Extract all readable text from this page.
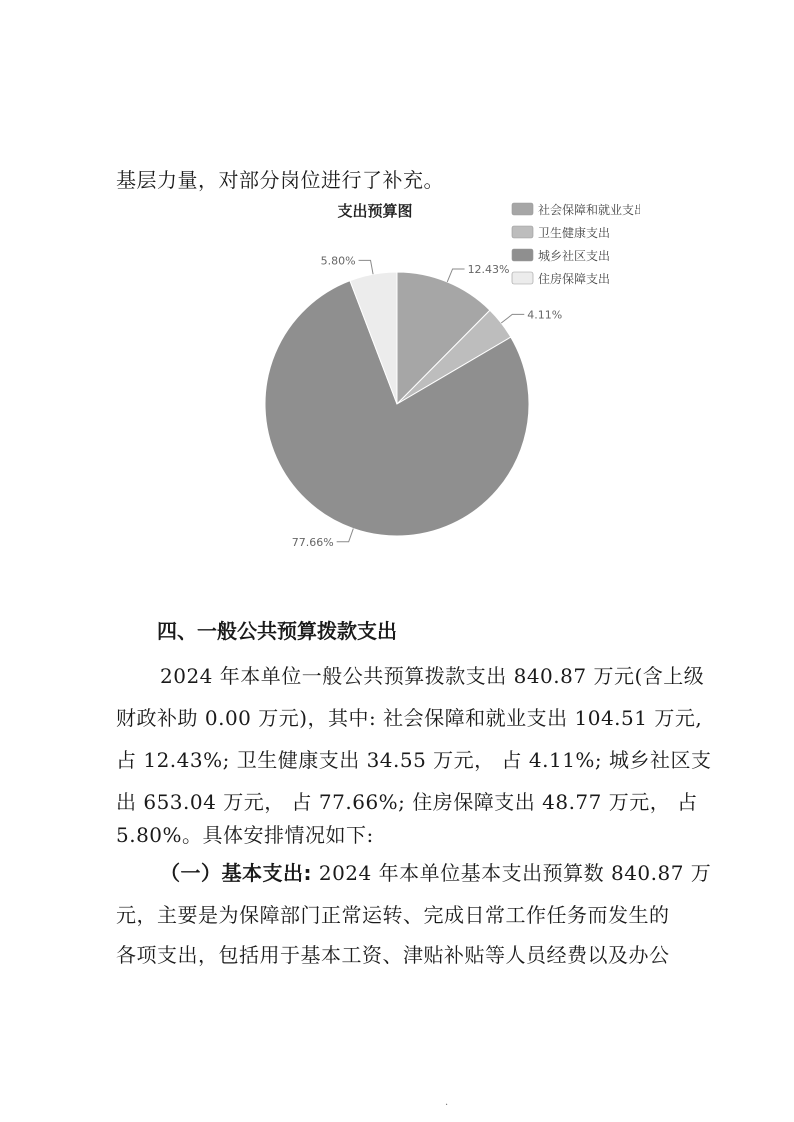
基层力量，对部分岗位进行了补充。
支出预算图	社会保障和就业支出
卫生健康支出
城乡社区支出
住房保障支出
12.43%
4.11%
77.66%
5.80%
四、一般公共预算拨款支出
2024 年本单位一般公共预算拨款支出 840.87 万元(含上级
财政补助 0.00 万元)，其中: 社会保障和就业支出 104.51 万元,
占 12.43%; 卫生健康支出 34.55 万元， 占 4.11%; 城乡社区支
出 653.04 万元， 占 77.66%; 住房保障支出 48.77 万元， 占
5.80%。具体安排情况如下:
（一）基本支出: 2024 年本单位基本支出预算数 840.87 万
元，主要是为保障部门正常运转、完成日常工作任务而发生的
各项支出，包括用于基本工资、津贴补贴等人员经费以及办公
·
